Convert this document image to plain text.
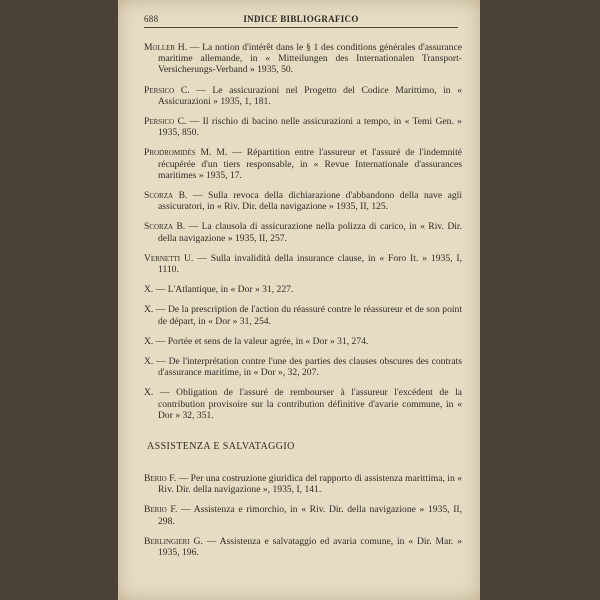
688	INDICE BIBLIOGRAFICO
Moller H. — La notion d'intérêt dans le § 1 des conditions générales d'assurance maritime allemande, in « Mitteilungen des Internationalen Transport-Versicherungs-Verband » 1935, 50.
Persico C. — Le assicurazioni nel Progetto del Codice Marittimo, in « Assicurazioni » 1935, 1, 181.
Persico C. — Il rischio di bacino nelle assicurazioni a tempo, in « Temi Gen. » 1935, 850.
Prodromidès M. M. — Répartition entre l'assureur et l'assuré de l'indemnité récupérée d'un tiers responsable, in « Revue Internationale d'assurances maritimes » 1935, 17.
Scorza B. — Sulla revoca della dichiarazione d'abbandono della nave agli assicuratori, in « Riv. Dir. della navigazione » 1935, II, 125.
Scorza B. — La clausola di assicurazione nella polizza di carico, in « Riv. Dir. della navigazione » 1935, II, 257.
Vernetti U. — Sulla invalidità della insurance clause, in « Foro It. » 1935, I, 1110.
X. — L'Atlantique, in « Dor » 31, 227.
X. — De la prescription de l'action du réassuré contre le réassureur et de son point de départ, in « Dor » 31, 254.
X. — Portée et sens de la valeur agrée, in « Dor » 31, 274.
X. — De l'interprétation contre l'une des parties des clauses obscures des contrats d'assurance maritime, in « Dor », 32, 207.
X. — Obligation de l'assuré de rembourser à l'assureur l'excédent de la contribution provisoire sur la contribution définitive d'avarie commune, in « Dor » 32, 351.
ASSISTENZA E SALVATAGGIO
Berio F. — Per una costruzione giuridica del rapporto di assistenza marittima, in « Riv. Dir. della navigazione », 1935, I, 141.
Berio F. — Assistenza e rimorchio, in « Riv. Dir. della navigazione » 1935, II, 298.
Berlingieri G. — Assistenza e salvataggio ed avaria comune, in « Dir. Mar. » 1935, 196.
